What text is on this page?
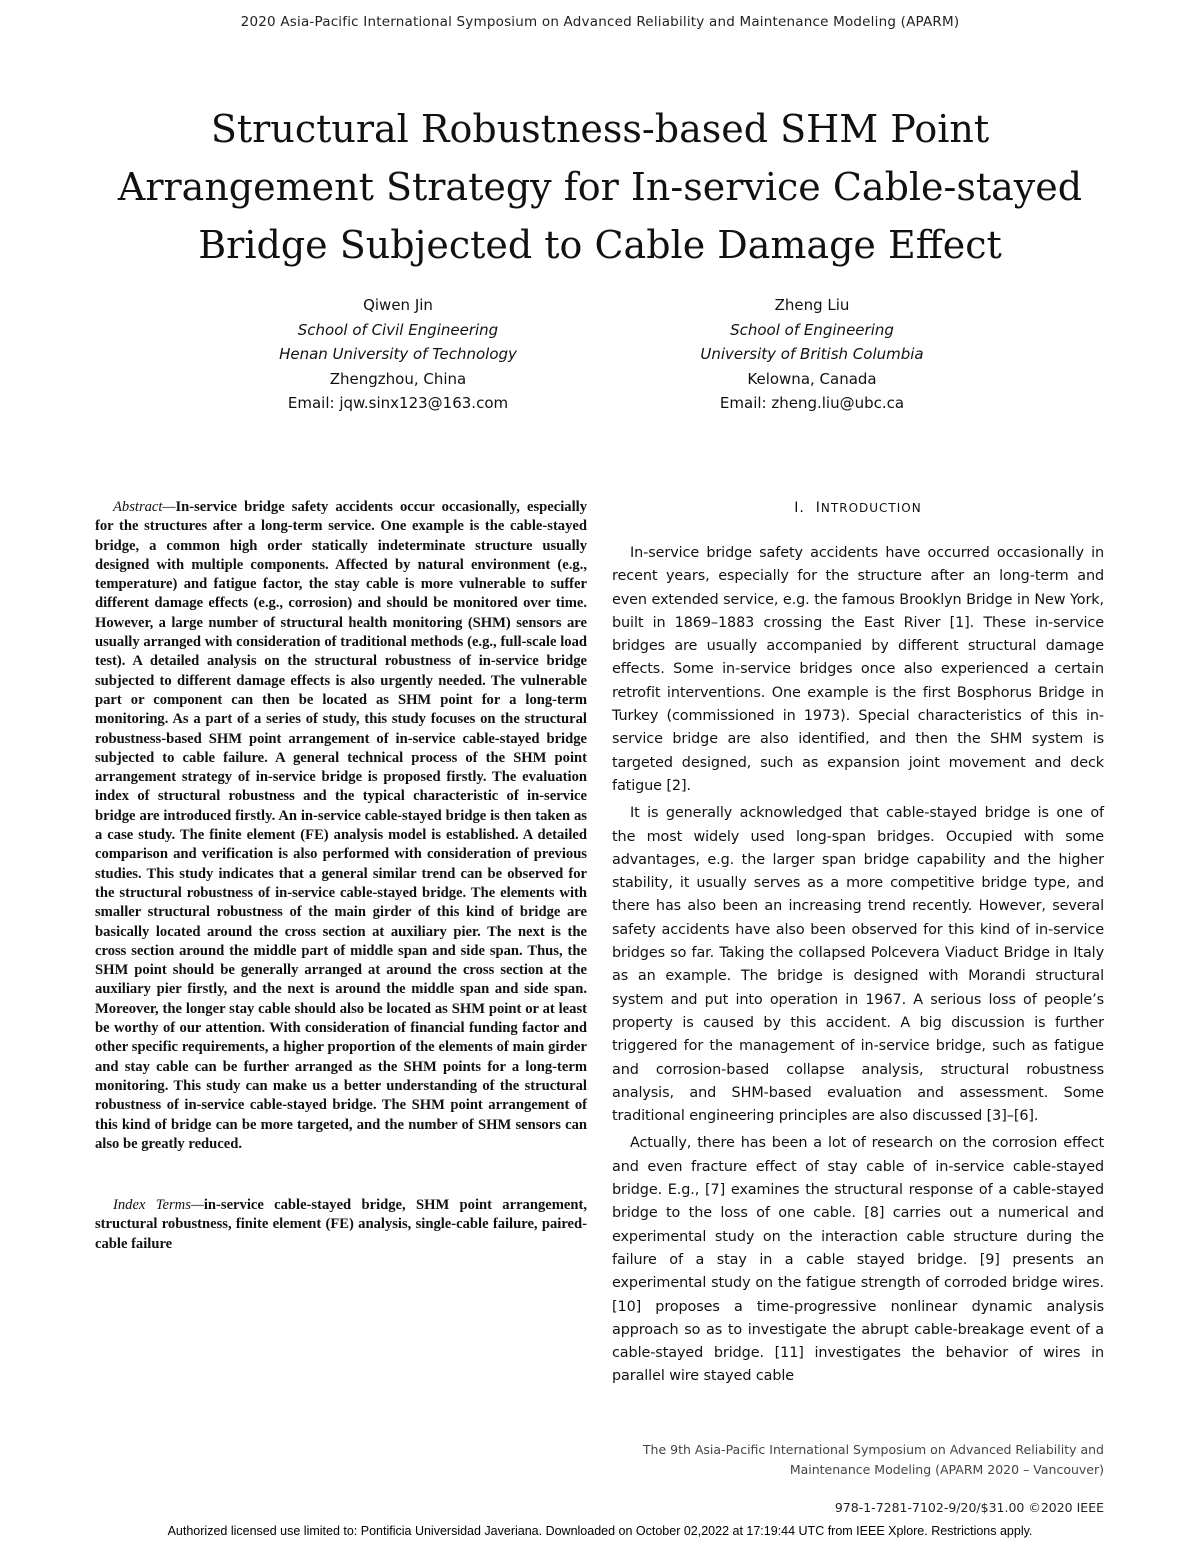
2020 Asia-Pacific International Symposium on Advanced Reliability and Maintenance Modeling (APARM)
Structural Robustness-based SHM Point
Arrangement Strategy for In-service Cable-stayed
Bridge Subjected to Cable Damage Effect
Qiwen Jin
School of Civil Engineering
Henan University of Technology
Zhengzhou, China
Email: jqw.sinx123@163.com
Zheng Liu
School of Engineering
University of British Columbia
Kelowna, Canada
Email: zheng.liu@ubc.ca

Abstract—In-service bridge safety accidents occur occasionally, especially for the structures after a long-term service. One example is the cable-stayed bridge, a common high order statically indeterminate structure usually designed with multiple components. Affected by natural environment (e.g., temperature) and fatigue factor, the stay cable is more vulnerable to suffer different damage effects (e.g., corrosion) and should be monitored over time. However, a large number of structural health monitoring (SHM) sensors are usually arranged with consideration of traditional methods (e.g., full-scale load test). A detailed analysis on the structural robustness of in-service bridge subjected to different damage effects is also urgently needed. The vulnerable part or component can then be located as SHM point for a long-term monitoring. As a part of a series of study, this study focuses on the structural robustness-based SHM point arrangement of in-service cable-stayed bridge subjected to cable failure. A general technical process of the SHM point arrangement strategy of in-service bridge is proposed firstly. The evaluation index of structural robustness and the typical characteristic of in-service bridge are introduced firstly. An in-service cable-stayed bridge is then taken as a case study. The finite element (FE) analysis model is established. A detailed comparison and verification is also performed with consideration of previous studies. This study indicates that a general similar trend can be observed for the structural robustness of in-service cable-stayed bridge. The elements with smaller structural robustness of the main girder of this kind of bridge are basically located around the cross section at auxiliary pier. The next is the cross section around the middle part of middle span and side span. Thus, the SHM point should be generally arranged at around the cross section at the auxiliary pier firstly, and the next is around the middle span and side span. Moreover, the longer stay cable should also be located as SHM point or at least be worthy of our attention. With consideration of financial funding factor and other specific requirements, a higher proportion of the elements of main girder and stay cable can be further arranged as the SHM points for a long-term monitoring. This study can make us a better understanding of the structural robustness of in-service cable-stayed bridge. The SHM point arrangement of this kind of bridge can be more targeted, and the number of SHM sensors can also be greatly reduced.

Index Terms—in-service cable-stayed bridge, SHM point arrangement, structural robustness, finite element (FE) analysis, single-cable failure, paired-cable failure

I. INTRODUCTION

In-service bridge safety accidents have occurred occasionally in recent years, especially for the structure after an long-term and even extended service, e.g. the famous Brooklyn Bridge in New York, built in 1869–1883 crossing the East River [1]. These in-service bridges are usually accompanied by different structural damage effects. Some in-service bridges once also experienced a certain retrofit interventions. One example is the first Bosphorus Bridge in Turkey (commissioned in 1973). Special characteristics of this in-service bridge are also identified, and then the SHM system is targeted designed, such as expansion joint movement and deck fatigue [2].

It is generally acknowledged that cable-stayed bridge is one of the most widely used long-span bridges. Occupied with some advantages, e.g. the larger span bridge capability and the higher stability, it usually serves as a more competitive bridge type, and there has also been an increasing trend recently. However, several safety accidents have also been observed for this kind of in-service bridges so far. Taking the collapsed Polcevera Viaduct Bridge in Italy as an example. The bridge is designed with Morandi structural system and put into operation in 1967. A serious loss of people’s property is caused by this accident. A big discussion is further triggered for the management of in-service bridge, such as fatigue and corrosion-based collapse analysis, structural robustness analysis, and SHM-based evaluation and assessment. Some traditional engineering principles are also discussed [3]–[6].

Actually, there has been a lot of research on the corrosion effect and even fracture effect of stay cable of in-service cable-stayed bridge. E.g., [7] examines the structural response of a cable-stayed bridge to the loss of one cable. [8] carries out a numerical and experimental study on the interaction cable structure during the failure of a stay in a cable stayed bridge. [9] presents an experimental study on the fatigue strength of corroded bridge wires. [10] proposes a time-progressive nonlinear dynamic analysis approach so as to investigate the abrupt cable-breakage event of a cable-stayed bridge. [11] investigates the behavior of wires in parallel wire stayed cable

The 9th Asia-Pacific International Symposium on Advanced Reliability and
Maintenance Modeling (APARM 2020 – Vancouver)
978-1-7281-7102-9/20/$31.00 ©2020 IEEE
Authorized licensed use limited to: Pontificia Universidad Javeriana. Downloaded on October 02,2022 at 17:19:44 UTC from IEEE Xplore. Restrictions apply.
